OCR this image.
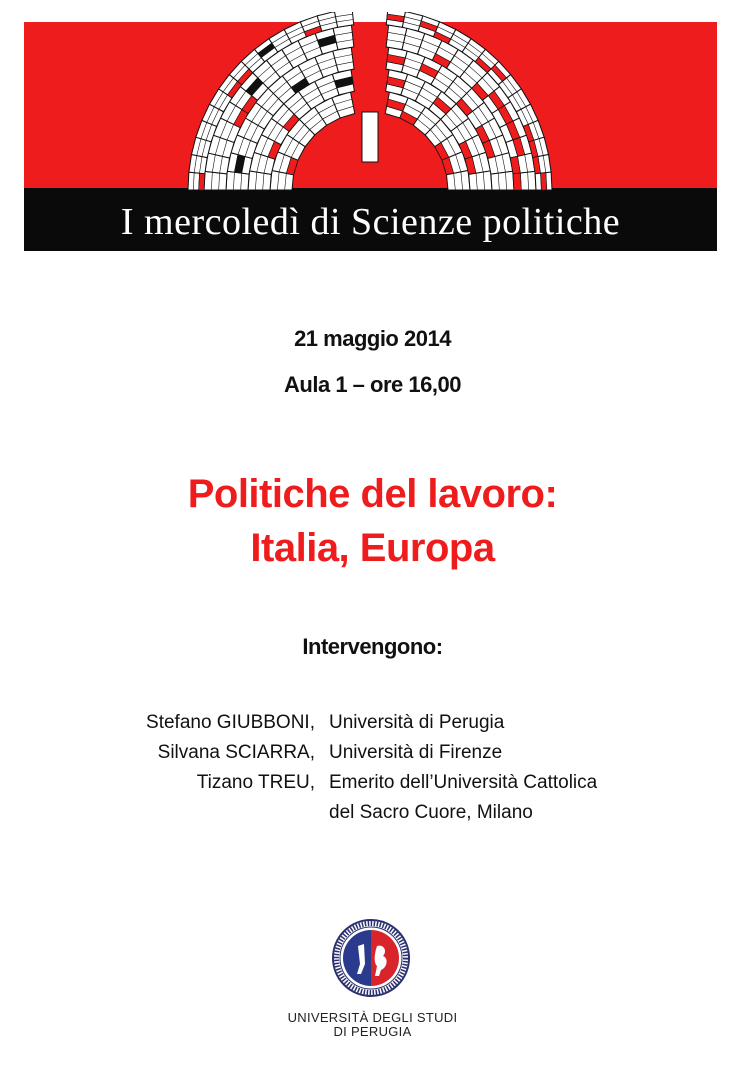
I mercoledì di Scienze politiche
21 maggio 2014
Aula 1 – ore 16,00
Politiche del lavoro:
Italia, Europa
Intervengono:
Stefano GIUBBONI, Università di Perugia
Silvana SCIARRA, Università di Firenze
Tizano TREU, Emerito dell’Università Cattolica
del Sacro Cuore, Milano
UNIVERSITÀ DEGLI STUDI
DI PERUGIA
